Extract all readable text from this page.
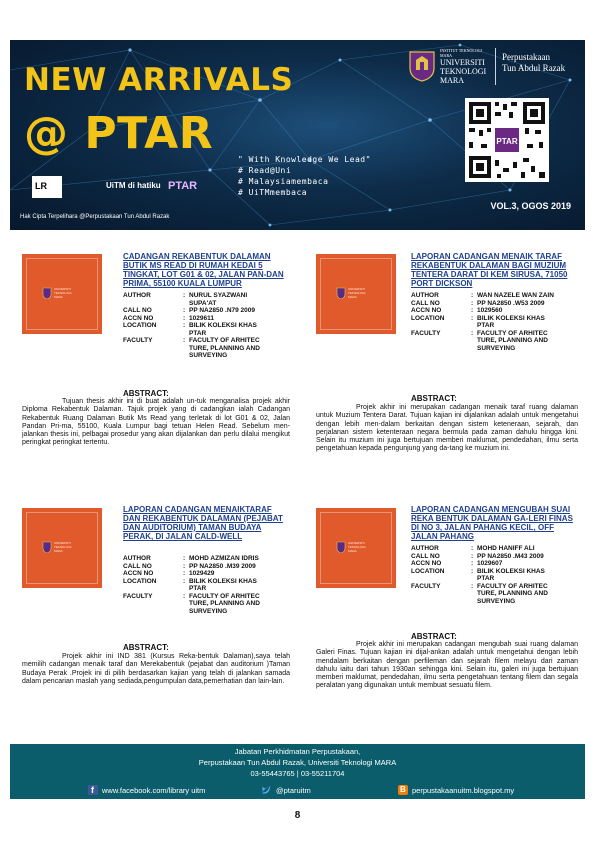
NEW ARRIVALS
@ PTAR
INSTITUT TEKNOLOGI MARA
UNIVERSITI
TEKNOLOGI
MARA
Perpustakaan
Tun Abdul Razak
PTAR
" With Knowledge We Lead"
# Read@Uni
# Malaysiamembaca
# UiTMmembaca
LR	UiTM di hatiku PTAR
Hak Cipta Terpelihara @Perpustakaan Tun Abdul Razak
VOL.3, OGOS 2019
UNIVERSITI
TEKNOLOGI
MARA
CADANGAN REKABENTUK DALAMAN BUTIK MS READ DI RUMAH KEDAI 5 TINGKAT, LOT G01 & 02, JALAN PAN-DAN PRIMA, 55100 KUALA LUMPUR
AUTHOR	: NURUL SYAZWANI SUPA'AT
CALL NO	: PP NA2850 .N79 2009
ACCN NO	: 1029611
LOCATION	: BILIK KOLEKSI KHAS PTAR
FACULTY	: FACULTY OF ARHITEC TURE, PLANNING AND SURVEYING
ABSTRACT:
Tujuan thesis akhir ini di buat adalah un-tuk menganalisa projek akhir Diploma Rekabentuk Dalaman. Tajuk projek yang di cadangkan ialah Cadangan Rekabentuk Ruang Dalaman Butik Ms Read yang terletak di lot G01 & 02, Jalan Pandan Pri-ma, 55100, Kuala Lumpur bagi tetuan Helen Read. Sebelum men-jalankan thesis ini, pelbagai prosedur yang akan dijalankan dan perlu dilalui mengikut peringkat peringkat tertentu.
UNIVERSITI
TEKNOLOGI
MARA
LAPORAN CADANGAN MENAIK TARAF REKABENTUK DALAMAN BAGI MUZIUM TENTERA DARAT DI KEM SIRUSA, 71050 PORT DICKSON
AUTHOR	: WAN NAZELE WAN ZAIN
CALL NO	: PP NA2850 .W53 2009
ACCN NO	: 1029560
LOCATION	: BILIK KOLEKSI KHAS PTAR
FACULTY	: FACULTY OF ARHITEC TURE, PLANNING AND SURVEYING
ABSTRACT:
Projek akhir ini merupakan cadangan menaik taraf ruang dalaman untuk Muzium Tentera Darat. Tujuan kajian ini dijalankan adalah untuk mengetahui dengan lebih men-dalam berkaitan dengan sistem keteneraan, sejarah, dan perjalanan sistem ketenteraan negara bermula pada zaman dahulu hingga kini. Selain itu muzium ini juga bertujuan memberi maklumat, pendedahan, ilmu serta pengetahuan kepada pengunjung yang da-tang ke muzium ini.
UNIVERSITI
TEKNOLOGI
MARA
LAPORAN CADANGAN MENAIKTARAF DAN REKABENTUK DALAMAN (PEJABAT DAN AUDITORIUM) TAMAN BUDAYA PERAK, DI JALAN CALD-WELL
AUTHOR	: MOHD AZMIZAN IDRIS
CALL NO	: PP NA2850 .M39 2009
ACCN NO	: 1029429
LOCATION	: BILIK KOLEKSI KHAS PTAR
FACULTY	: FACULTY OF ARHITEC TURE, PLANNING AND SURVEYING
ABSTRACT:
Projek akhir ini IND 381 (Kursus Reka-bentuk Dalaman),saya telah memilih cadangan menaik taraf dan Merekabentuk (pejabat dan auditorium )Taman Budaya Perak .Projek ini di pilih berdasarkan kajian yang telah di jalankan samada dalam pencarian maslah yang sediada,pengumpulan data,pemerhatian dan lain-lain.
UNIVERSITI
TEKNOLOGI
MARA
LAPORAN CADANGAN MENGUBAH SUAI REKA BENTUK DALAMAN GA-LERI FINAS DI NO 3, JALAN PAHANG KECIL, OFF JALAN PAHANG
AUTHOR	: MOHD HANIFF ALI
CALL NO	: PP NA2850 .M43 2009
ACCN NO	: 1029607
LOCATION	: BILIK KOLEKSI KHAS PTAR
FACULTY	: FACULTY OF ARHITEC TURE, PLANNING AND SURVEYING
ABSTRACT:
Projek akhir ini merupakan cadangan mengubah suai ruang dalaman Galeri Finas. Tujuan kajian ini dijal-ankan adalah untuk mengetahui dengan lebih mendalam berkaitan dengan perfileman dan sejarah filem melayu dari zaman dahulu iaitu dari tahun 1930an sehingga kini. Selain itu, galeri ini juga bertujuan memberi maklumat, pendedahan, ilmu serta pengetahuan tentang filem dan segala peralatan yang digunakan untuk membuat sesuatu filem.
Jabatan Perkhidmatan Perpustakaan,
Perpustakaan Tun Abdul Razak, Universiti Teknologi MARA
03-55443765 | 03-55211704
f www.facebook.com/library uitm	@ptaruitm	B perpustakaanuitm.blogspot.my
8
